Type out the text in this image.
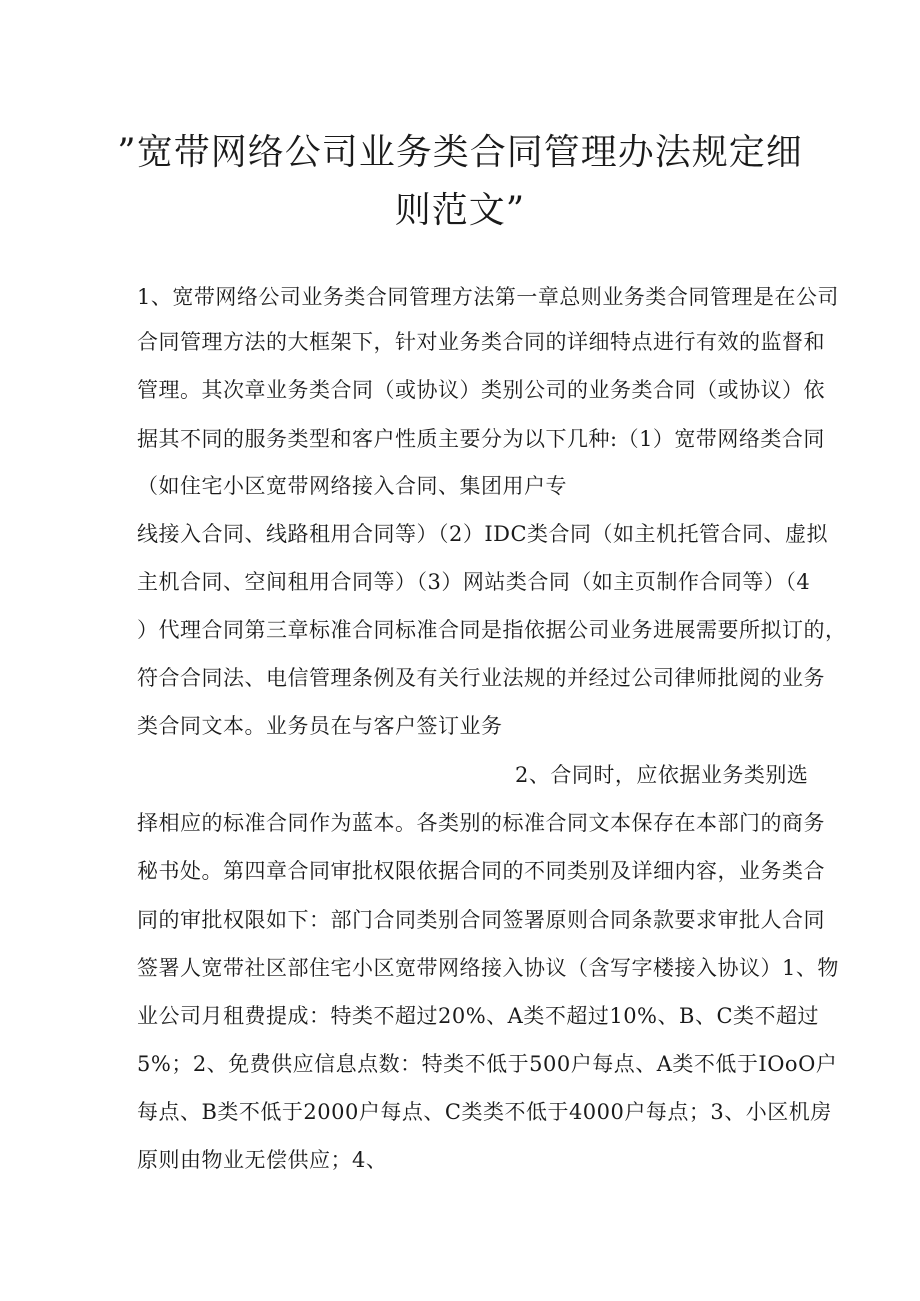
”宽带网络公司业务类合同管理办法规定细
则范文”
1、宽带网络公司业务类合同管理方法第一章总则业务类合同管理是在公司
合同管理方法的大框架下，针对业务类合同的详细特点进行有效的监督和
管理。其次章业务类合同（或协议）类别公司的业务类合同（或协议）依
据其不同的服务类型和客户性质主要分为以下几种:（1）宽带网络类合同
（如住宅小区宽带网络接入合同、集团用户专
线接入合同、线路租用合同等）（2）IDC类合同（如主机托管合同、虚拟
主机合同、空间租用合同等）（3）网站类合同（如主页制作合同等）（4
）代理合同第三章标准合同标准合同是指依据公司业务进展需要所拟订的，
符合合同法、电信管理条例及有关行业法规的并经过公司律师批阅的业务
类合同文本。业务员在与客户签订业务
2、合同时，应依据业务类别选
择相应的标准合同作为蓝本。各类别的标准合同文本保存在本部门的商务
秘书处。第四章合同审批权限依据合同的不同类别及详细内容，业务类合
同的审批权限如下：部门合同类别合同签署原则合同条款要求审批人合同
签署人宽带社区部住宅小区宽带网络接入协议（含写字楼接入协议）1、物
业公司月租费提成：特类不超过20%、A类不超过10%、B、C类不超过
5%；2、免费供应信息点数：特类不低于500户每点、A类不低于IOoO户
每点、B类不低于2000户每点、C类类不低于4000户每点；3、小区机房
原则由物业无偿供应；4、
